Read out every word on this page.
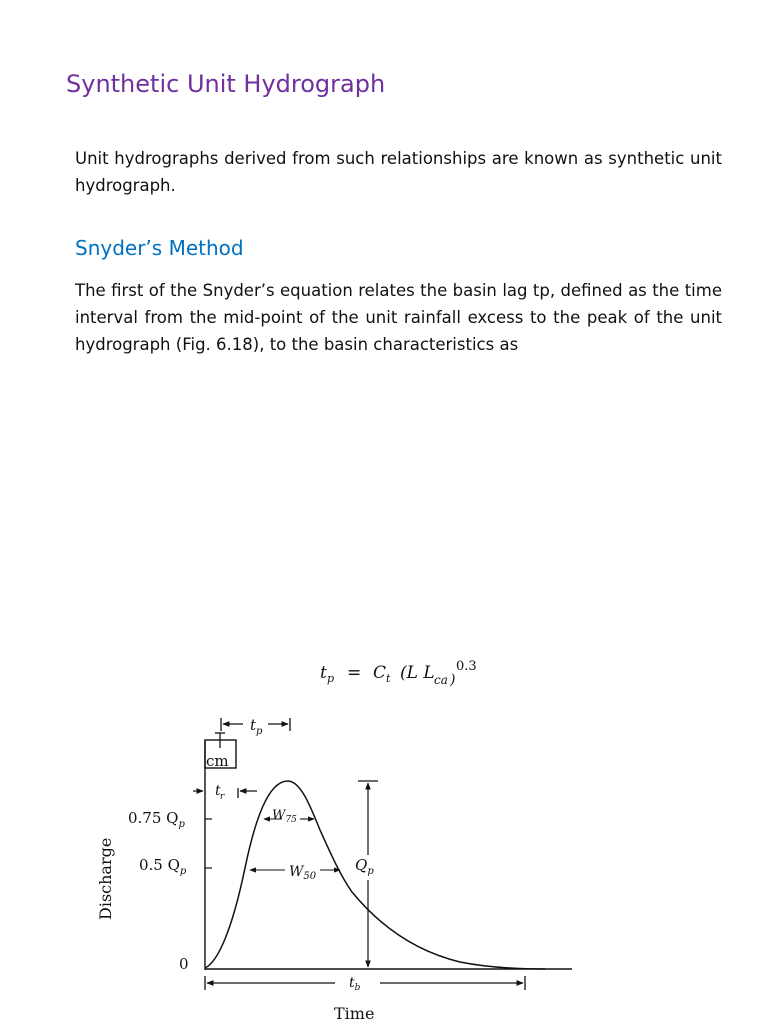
Synthetic Unit Hydrograph

Unit hydrographs derived from such relationships are known as synthetic unit hydrograph.

Snyder’s Method

The first of the Snyder’s equation relates the basin lag tp, defined as the time interval from the mid-point of the unit rainfall excess to the peak of the unit hydrograph (Fig. 6.18), to the basin characteristics as

t p = C t (L L ca )
0.3
cm
t p
t r
0.75 $Q_p$
0.5 $Q_p$
0
Discharge
$W_{75}$
$W_{50}$
$Q_p$
$t_b$
Time
